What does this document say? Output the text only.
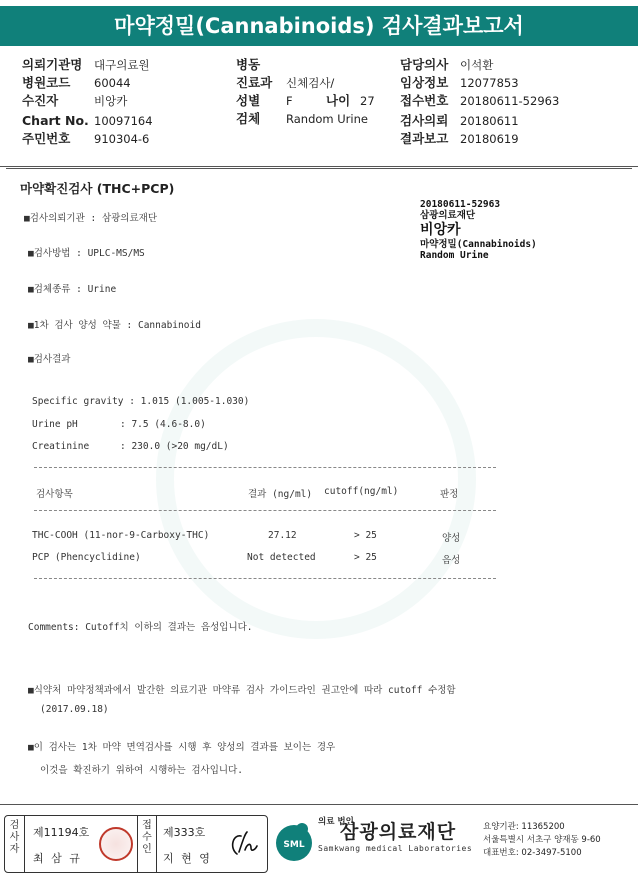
마약정밀(Cannabinoids) 검사결과보고서
의뢰기관명 대구의료원
병원코드 60044
수진자	비앙카
Chart No. 10097164
주민번호 910304-6
병동
진료과 신체검사/
성별 F	나이 27
검체 Random Urine
담당의사 이석환
임상정보 12077853
접수번호 20180611-52963
검사의뢰 20180611
결과보고 20180619
마약확진검사 (THC+PCP)
20180611-52963
삼광의료재단
비앙카
마약정밀(Cannabinoids)
Random Urine
■검사의뢰기관 : 삼광의료재단
■검사방법 : UPLC-MS/MS
■검체종류 : Urine
■1차 검사 양성 약물 : Cannabinoid
■검사결과
Specific gravity : 1.015 (1.005-1.030)
Urine pH	: 7.5 (4.6-8.0)
Creatinine	: 230.0 (>20 mg/dL)
검사항목	결과 (ng/ml) cutoff(ng/ml)	판정
THC-COOH (11-nor-9-Carboxy-THC)	27.12	> 25	양성
PCP (Phencyclidine)	Not detected	> 25	음성
Comments: Cutoff치 이하의 결과는 음성입니다.
■식약처 마약정책과에서 발간한 의료기관 마약류 검사 가이드라인 권고안에 따라 cutoff 수정함
(2017.09.18)
■이 검사는 1차 마약 면역검사를 시행 후 양성의 결과를 보이는 경우
이것을 확진하기 위하여 시행하는 검사입니다.
검사자
제11194호
최 삼 규
접수인
제333호
지 현 영
SML
의료 법인삼광의료재단
Samkwang medical Laboratories
요양기관: 11365200
서울특별시 서초구 양재동 9-60
대표번호: 02-3497-5100
